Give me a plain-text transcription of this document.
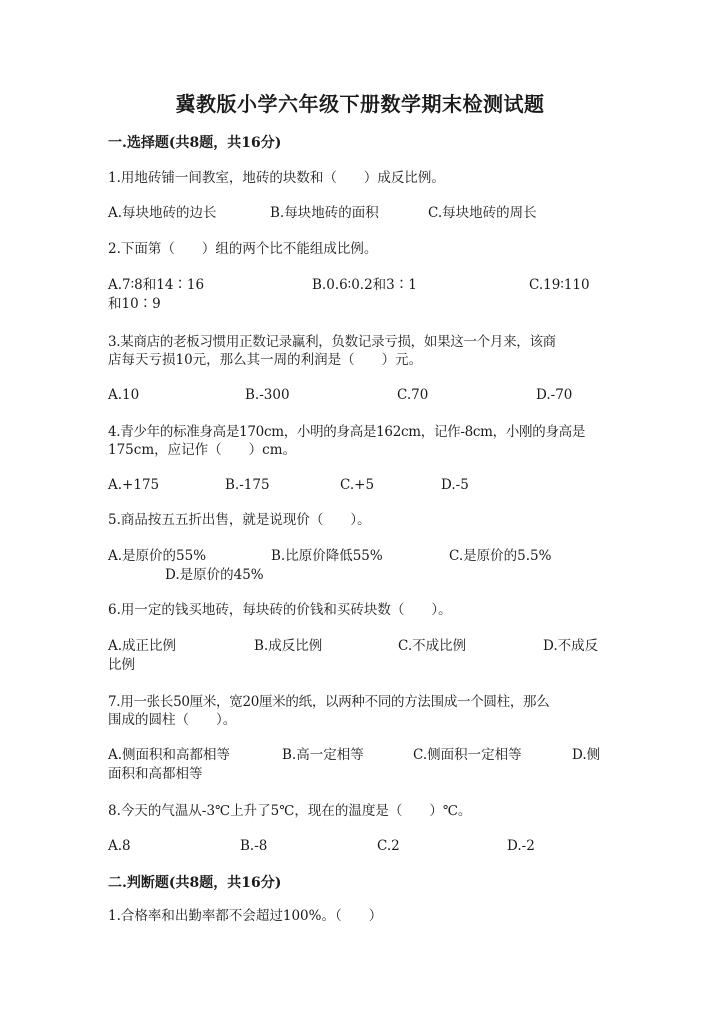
冀教版小学六年级下册数学期末检测试题
一.选择题(共8题，共16分)
1.用地砖铺一间教室，地砖的块数和（　　）成反比例。
A.每块地砖的边长	B.每块地砖的面积	C.每块地砖的周长
2.下面第（　　）组的两个比不能组成比例。
A.7∶8和14∶16	B.0.6∶0.2和3∶1	C.19∶110
和10∶9
3.某商店的老板习惯用正数记录赢利，负数记录亏损，如果这一个月来，该商
店每天亏损10元，那么其一周的利润是（　　）元。
A.10	B.-300	C.70	D.-70
4.青少年的标准身高是170cm，小明的身高是162cm，记作-8cm，小刚的身高是
175cm，应记作（　　）cm。
A.+175	B.-175	C.+5	D.-5
5.商品按五五折出售，就是说现价（　　）。
A.是原价的55%	B.比原价降低55%	C.是原价的5.5%
D.是原价的45%
6.用一定的钱买地砖，每块砖的价钱和买砖块数（　　）。
A.成正比例	B.成反比例	C.不成比例	D.不成反
比例
7.用一张长50厘米，宽20厘米的纸，以两种不同的方法围成一个圆柱，那么
围成的圆柱（　　）。
A.侧面积和高都相等	B.高一定相等	C.侧面积一定相等	D.侧
面积和高都相等
8.今天的气温从-3℃上升了5℃，现在的温度是（　　）℃。
A.8	B.-8	C.2	D.-2
二.判断题(共8题，共16分)
1.合格率和出勤率都不会超过100%。（　　）
